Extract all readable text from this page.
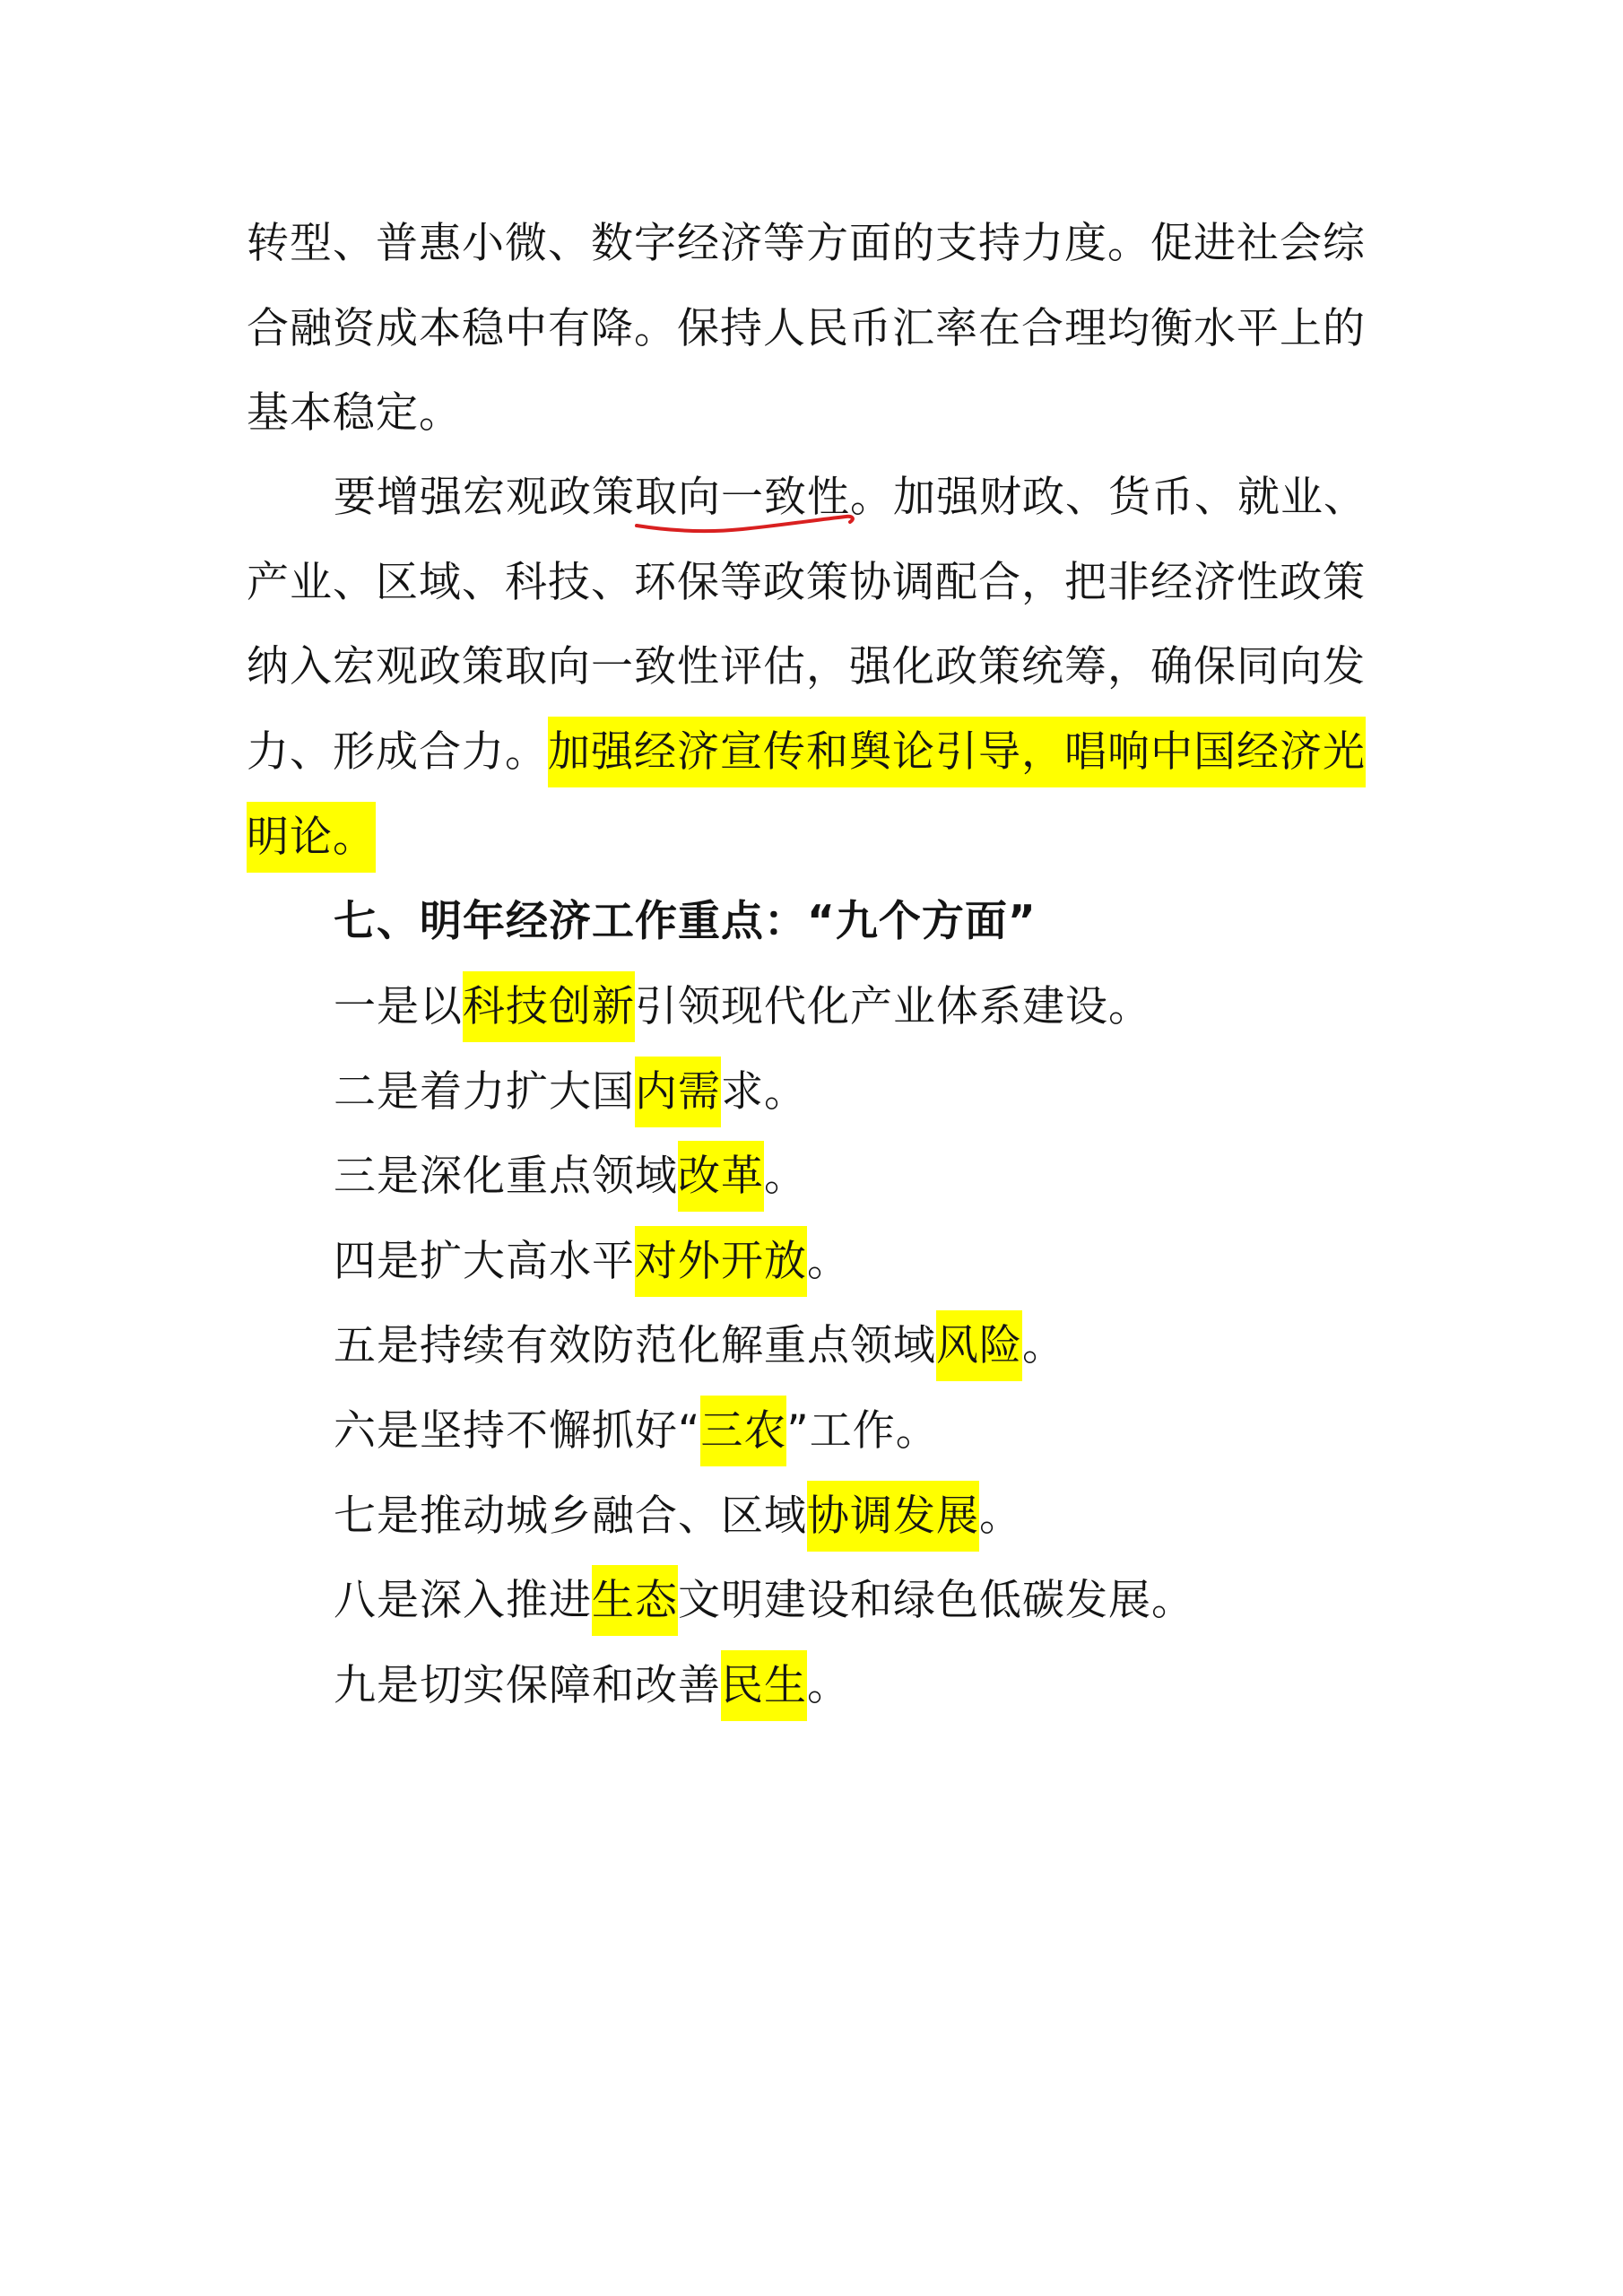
转型、普惠小微、数字经济等方面的支持力度。促进社会综
合融资成本稳中有降。保持人民币汇率在合理均衡水平上的
基本稳定。
要增强宏观政策取向一致性
。加强财政、货币、就业、
产业、区域、科技、环保等政策协调配合，把非经济性政策
纳入宏观政策取向一致性评估，强化政策统筹，确保同向发
力、形成合力。加强经济宣传和舆论引导，唱响中国经济光
明论。
七、明年经济工作重点：“九个方面”
一是以科技创新引领现代化产业体系建设。
二是着力扩大国内需求。
三是深化重点领域改革。
四是扩大高水平对外开放。
五是持续有效防范化解重点领域风险。
六是坚持不懈抓好“三农”工作。
七是推动城乡融合、区域协调发展。
八是深入推进生态文明建设和绿色低碳发展。
九是切实保障和改善民生。
